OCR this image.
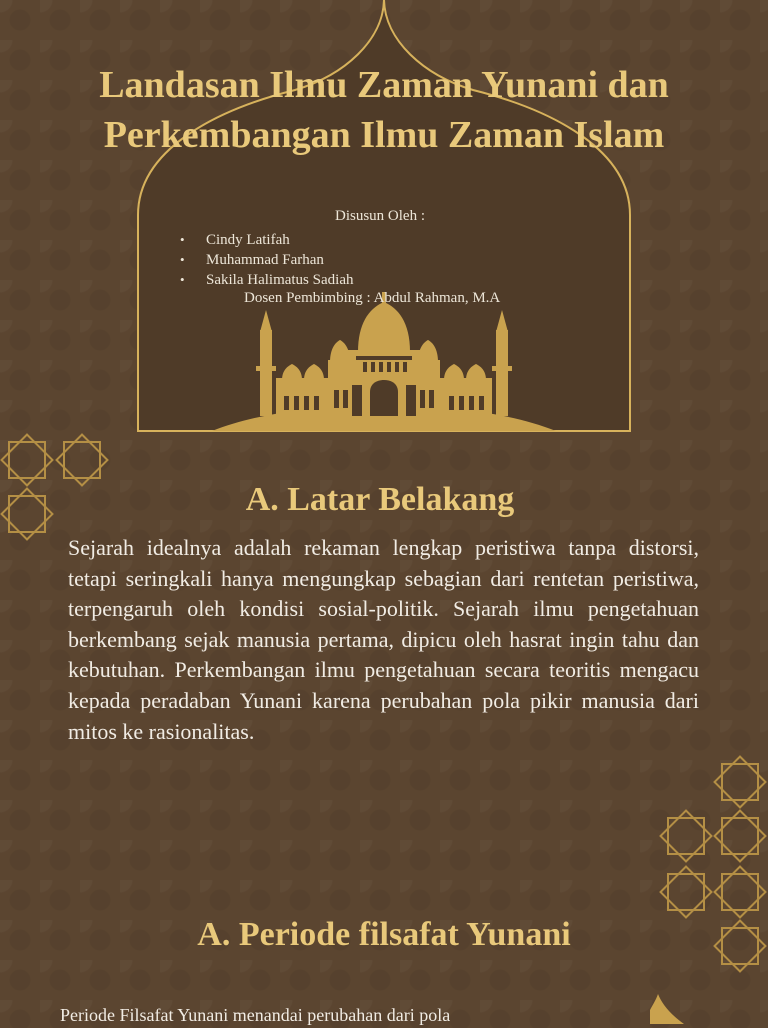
Landasan Ilmu Zaman Yunani dan Perkembangan Ilmu Zaman Islam
Disusun Oleh :
• Cindy Latifah
• Muhammad Farhan
• Sakila Halimatus Sadiah
Dosen Pembimbing : Abdul Rahman, M.A
A. Latar Belakang

Sejarah idealnya adalah rekaman lengkap peristiwa tanpa distorsi, tetapi seringkali hanya mengungkap sebagian dari rentetan peristiwa, terpengaruh oleh kondisi sosial-politik. Sejarah ilmu pengetahuan berkembang sejak manusia pertama, dipicu oleh hasrat ingin tahu dan kebutuhan. Perkembangan ilmu pengetahuan secara teoritis mengacu kepada peradaban Yunani karena perubahan pola pikir manusia dari mitos ke rasionalitas.

A. Periode filsafat Yunani

Periode Filsafat Yunani menandai perubahan dari pola
